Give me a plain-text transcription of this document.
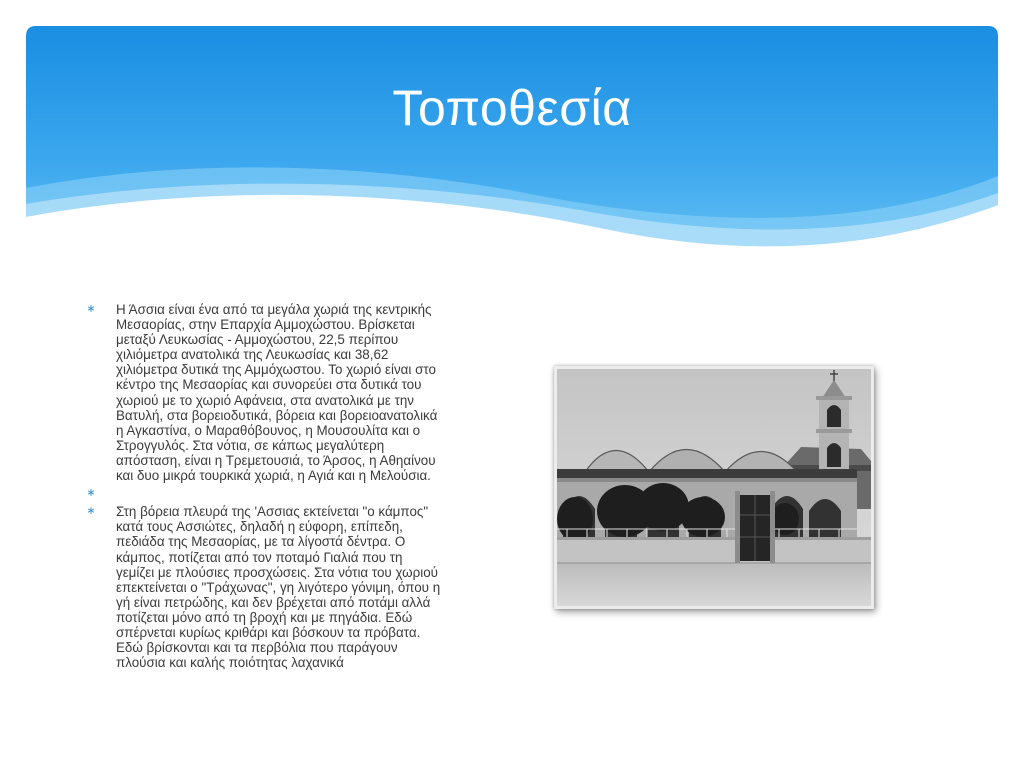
Τοποθεσία
∗ Η Άσσια είναι ένα από τα μεγάλα χωριά της κεντρικής
Μεσαορίας, στην Επαρχία Αμμοχώστου. Βρίσκεται
μεταξύ Λευκωσίας - Αμμοχώστου, 22,5 περίπου
χιλιόμετρα ανατολικά της Λευκωσίας και 38,62
χιλιόμετρα δυτικά της Αμμόχωστου. Το χωριό είναι στο
κέντρο της Μεσαορίας και συνορεύει στα δυτικά του
χωριού με το χωριό Αφάνεια, στα ανατολικά με την
Βατυλή, στα βορειοδυτικά, βόρεια και βορειοανατολικά
η Αγκαστίνα, ο Μαραθόβουνος, η Μουσουλίτα και ο
Στρογγυλός. Στα νότια, σε κάπως μεγαλύτερη
απόσταση, είναι η Τρεμετουσιά, το Άρσος, η Αθηαίνου
και δυο μικρά τουρκικά χωριά, η Αγιά και η Μελούσια.
∗
∗ Στη βόρεια πλευρά της 'Ασσιας εκτείνεται "ο κάμπος"
κατά τους Ασσιώτες, δηλαδή η εύφορη, επίπεδη,
πεδιάδα της Μεσαορίας, με τα λίγοστά δέντρα. Ο
κάμπος, ποτίζεται από τον ποταμό Γιαλιά που τη
γεμίζει με πλούσιες προσχώσεις. Στα νότια του χωριού
επεκτείνεται ο "Τράχωνας", γη λιγότερο γόνιμη, όπου η
γή είναι πετρώδης, και δεν βρέχεται από ποτάμι αλλά
ποτίζεται μόνο από τη βροχή και με πηγάδια. Εδώ
σπέρνεται κυρίως κριθάρι και βόσκουν τα πρόβατα.
Εδώ βρίσκονται και τα περβόλια που παράγουν
πλούσια και καλής ποιότητας λαχανικά
